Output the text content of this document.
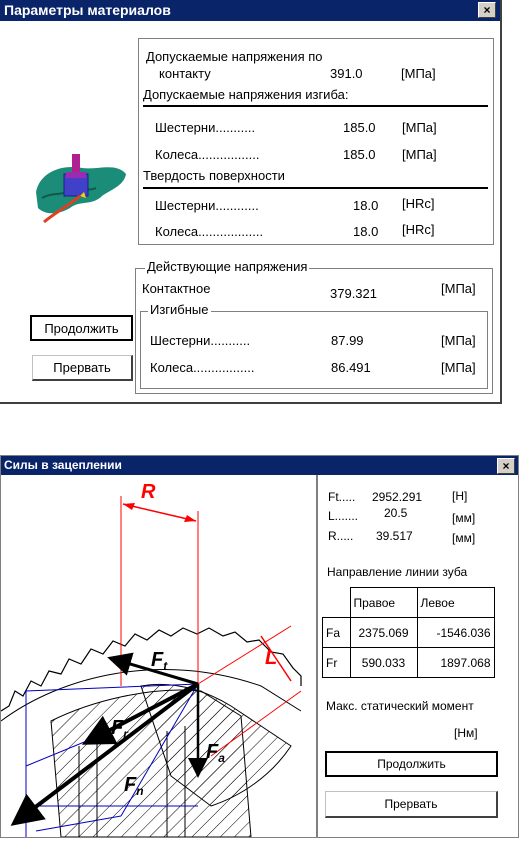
Параметры материалов	×
Допускаемые напряжения по
контакту	391.0	[МПа]
Допускаемые напряжения изгиба:
Шестерни...........	185.0 [МПа]
Колеса.................	185.0 [МПа]
Твердость поверхности
Шестерни............	18.0 [HRc]
Колеса..................	18.0 [HRc]
Действующие напряжения
Контактное	379.321	[МПа]
Изгибные
Шестерни...........	87.99	[МПа]
Колеса.................	86.491	[МПа]
Продолжить
Прервать
Силы в зацеплении	×
R
L
$F_t$
$F_r$
$F_a$
$F_n$
Ft..... 2952.291 [Н]
L....... 20.5	[мм]
R..... 39.517	[мм]
Направление линии зуба
	Правое	Левое
Fa	2375.069	-1546.036
Fr	590.033	1897.068
Макс. статический момент
[Нм]
Продолжить
Прервать
